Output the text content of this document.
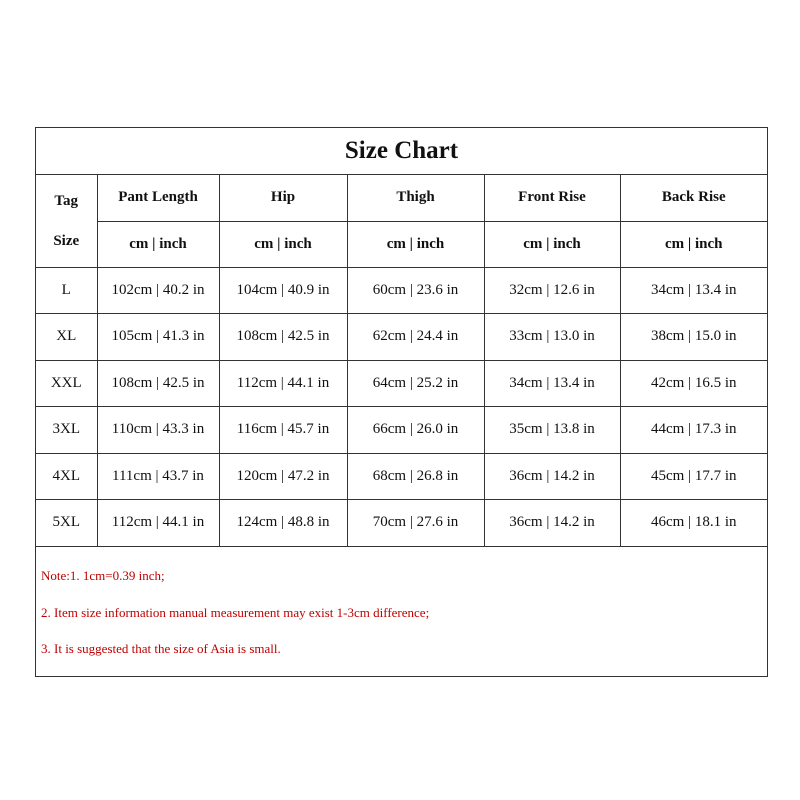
Size Chart
Tag
Size	Pant Length	Hip	Thigh	Front Rise	Back Rise
	cm | inch	cm | inch	cm | inch	cm | inch	cm | inch
L	102cm | 40.2 in	104cm | 40.9 in	60cm | 23.6 in	32cm | 12.6 in	34cm | 13.4 in
XL	105cm | 41.3 in	108cm | 42.5 in	62cm | 24.4 in	33cm | 13.0 in	38cm | 15.0 in
XXL	108cm | 42.5 in	112cm | 44.1 in	64cm | 25.2 in	34cm | 13.4 in	42cm | 16.5 in
3XL	110cm | 43.3 in	116cm | 45.7 in	66cm | 26.0 in	35cm | 13.8 in	44cm | 17.3 in
4XL	111cm | 43.7 in	120cm | 47.2 in	68cm | 26.8 in	36cm | 14.2 in	45cm | 17.7 in
5XL	112cm | 44.1 in	124cm | 48.8 in	70cm | 27.6 in	36cm | 14.2 in	46cm | 18.1 in
Note:1. 1cm=0.39 inch;
2. Item size information manual measurement may exist 1-3cm difference;
3. It is suggested that the size of Asia is small.
